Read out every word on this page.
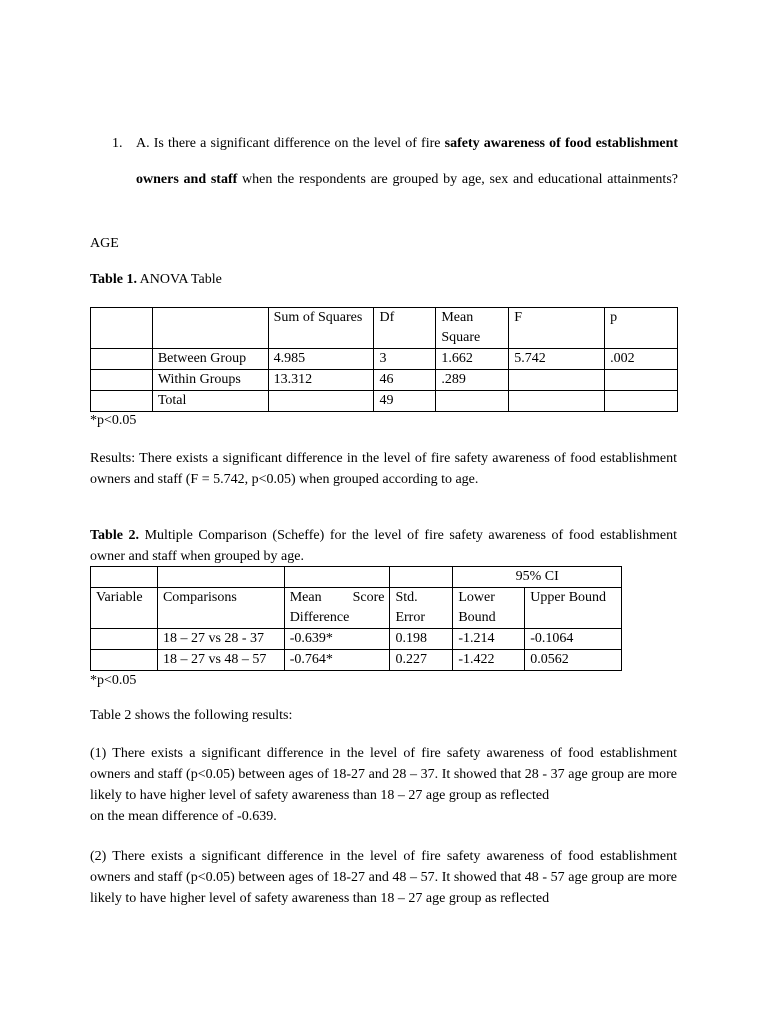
1. A. Is there a significant difference on the level of fire safety awareness of food establishment owners and staff when the respondents are grouped by age, sex and educational attainments?
AGE
Table 1. ANOVA Table
		Sum of Squares	Df	Mean Square	F	p
	Between Group	4.985	3	1.662	5.742	.002
	Within Groups	13.312	46	.289		
	Total		49			
*p<0.05
Results: There exists a significant difference in the level of fire safety awareness of food establishment owners and staff (F = 5.742, p<0.05) when grouped according to age.
Table 2. Multiple Comparison (Scheffe) for the level of fire safety awareness of food establishment owner and staff when grouped by age.
				95% CI	
Variable	Comparisons	Mean Score Difference	Std. Error	Lower Bound	Upper Bound
	18 – 27 vs 28 - 37	-0.639*	0.198	-1.214	-0.1064
	18 – 27 vs 48 – 57	-0.764*	0.227	-1.422	0.0562
*p<0.05
Table 2 shows the following results:
(1) There exists a significant difference in the level of fire safety awareness of food establishment owners and staff (p<0.05) between ages of 18-27 and 28 – 37. It showed that 28 - 37 age group are more likely to have higher level of safety awareness than 18 – 27 age group as reflected
on the mean difference of -0.639.
(2) There exists a significant difference in the level of fire safety awareness of food establishment owners and staff (p<0.05) between ages of 18-27 and 48 – 57. It showed that 48 - 57 age group are more likely to have higher level of safety awareness than 18 – 27 age group as reflected
